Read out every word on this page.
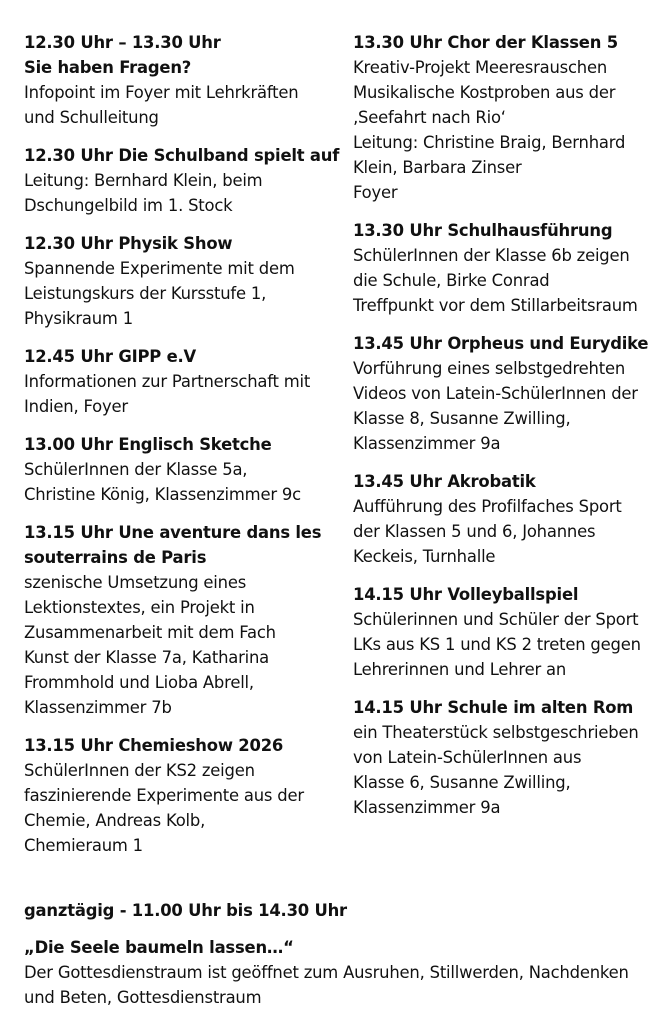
12.30 Uhr – 13.30 Uhr
Sie haben Fragen?
Infopoint im Foyer mit Lehrkräften
und Schulleitung
12.30 Uhr Die Schulband spielt auf
Leitung: Bernhard Klein, beim
Dschungelbild im 1. Stock
12.30 Uhr Physik Show
Spannende Experimente mit dem
Leistungskurs der Kursstufe 1,
Physikraum 1
12.45 Uhr GIPP e.V
Informationen zur Partnerschaft mit
Indien, Foyer
13.00 Uhr Englisch Sketche
SchülerInnen der Klasse 5a,
Christine König, Klassenzimmer 9c
13.15 Uhr Une aventure dans les
souterrains de Paris
szenische Umsetzung eines
Lektionstextes, ein Projekt in
Zusammenarbeit mit dem Fach
Kunst der Klasse 7a, Katharina
Frommhold und Lioba Abrell,
Klassenzimmer 7b
13.15 Uhr Chemieshow 2026
SchülerInnen der KS2 zeigen
faszinierende Experimente aus der
Chemie, Andreas Kolb,
Chemieraum 1
13.30 Uhr Chor der Klassen 5
Kreativ-Projekt Meeresrauschen
Musikalische Kostproben aus der
‚Seefahrt nach Rio‘
Leitung: Christine Braig, Bernhard
Klein, Barbara Zinser
Foyer
13.30 Uhr Schulhausführung
SchülerInnen der Klasse 6b zeigen
die Schule, Birke Conrad
Treffpunkt vor dem Stillarbeitsraum
13.45 Uhr Orpheus und Eurydike
Vorführung eines selbstgedrehten
Videos von Latein-SchülerInnen der
Klasse 8, Susanne Zwilling,
Klassenzimmer 9a
13.45 Uhr Akrobatik
Aufführung des Profilfaches Sport
der Klassen 5 und 6, Johannes
Keckeis, Turnhalle
14.15 Uhr Volleyballspiel
Schülerinnen und Schüler der Sport
LKs aus KS 1 und KS 2 treten gegen
Lehrerinnen und Lehrer an
14.15 Uhr Schule im alten Rom
ein Theaterstück selbstgeschrieben
von Latein-SchülerInnen aus
Klasse 6, Susanne Zwilling,
Klassenzimmer 9a
ganztägig - 11.00 Uhr bis 14.30 Uhr
„Die Seele baumeln lassen…“
Der Gottesdienstraum ist geöffnet zum Ausruhen, Stillwerden, Nachdenken
und Beten, Gottesdienstraum
